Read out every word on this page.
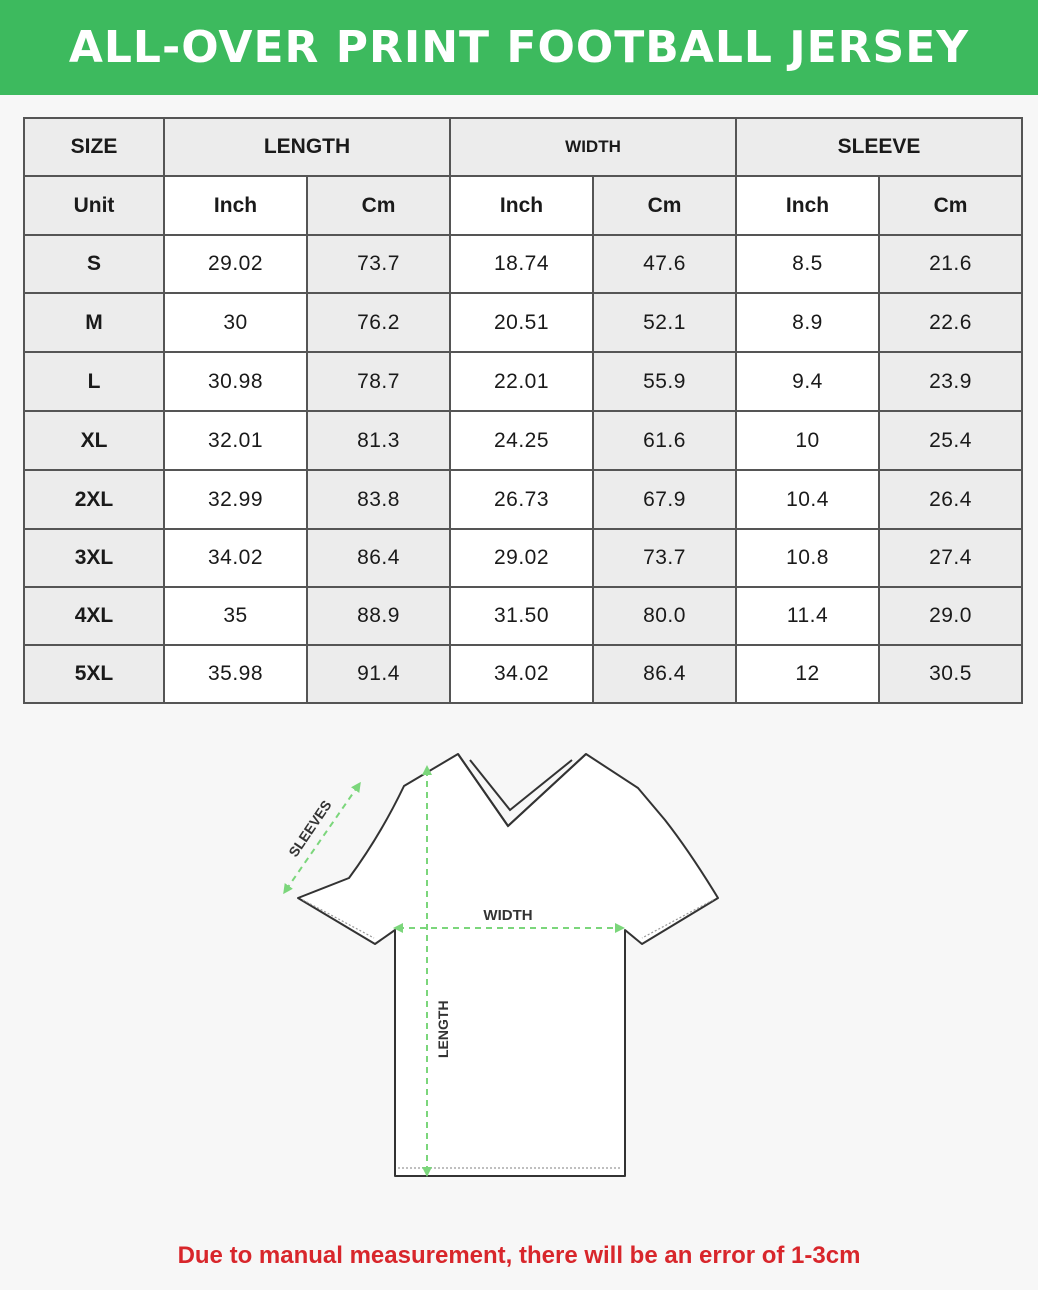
ALL-OVER PRINT FOOTBALL JERSEY
SIZE	LENGTH		WIDTH		SLEEVE	
Unit	Inch	Cm	Inch	Cm	Inch	Cm
S	29.02	73.7	18.74	47.6	8.5	21.6
M	30	76.2	20.51	52.1	8.9	22.6
L	30.98	78.7	22.01	55.9	9.4	23.9
XL	32.01	81.3	24.25	61.6	10	25.4
2XL	32.99	83.8	26.73	67.9	10.4	26.4
3XL	34.02	86.4	29.02	73.7	10.8	27.4
4XL	35	88.9	31.50	80.0	11.4	29.0
5XL	35.98	91.4	34.02	86.4	12	30.5
SLEEVES
WIDTH
LENGTH
Due to manual measurement, there will be an error of 1-3cm
